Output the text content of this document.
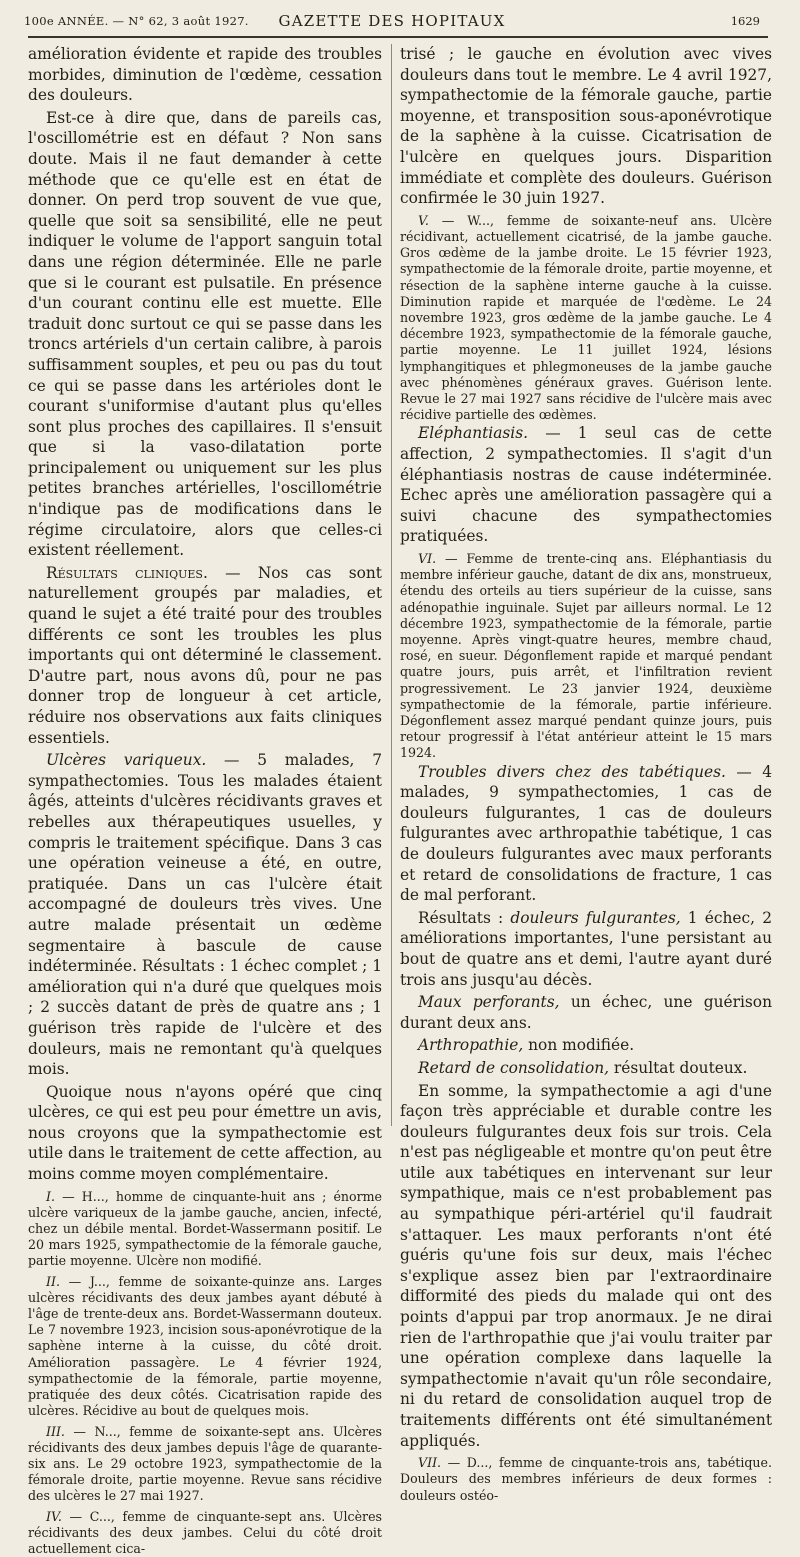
100e ANNÉE. — N° 62, 3 août 1927.	GAZETTE DES HOPITAUX	1629

amélioration évidente et rapide des troubles morbides, diminution de l'œdème, cessation des douleurs.

Est-ce à dire que, dans de pareils cas, l'oscillométrie est en défaut ? Non sans doute. Mais il ne faut demander à cette méthode que ce qu'elle est en état de donner. On perd trop souvent de vue que, quelle que soit sa sensibilité, elle ne peut indiquer le volume de l'apport sanguin total dans une région déterminée. Elle ne parle que si le courant est pulsatile. En présence d'un courant continu elle est muette. Elle traduit donc surtout ce qui se passe dans les troncs artériels d'un certain calibre, à parois suffisamment souples, et peu ou pas du tout ce qui se passe dans les artérioles dont le courant s'uniformise d'autant plus qu'elles sont plus proches des capillaires. Il s'ensuit que si la vaso-dilatation porte principalement ou uniquement sur les plus petites branches artérielles, l'oscillométrie n'indique pas de modifications dans le régime circulatoire, alors que celles-ci existent réellement.

Résultats cliniques. — Nos cas sont naturellement groupés par maladies, et quand le sujet a été traité pour des troubles différents ce sont les troubles les plus importants qui ont déterminé le classement. D'autre part, nous avons dû, pour ne pas donner trop de longueur à cet article, réduire nos observations aux faits cliniques essentiels.

Ulcères variqueux. — 5 malades, 7 sympathectomies. Tous les malades étaient âgés, atteints d'ulcères récidivants graves et rebelles aux thérapeutiques usuelles, y compris le traitement spécifique. Dans 3 cas une opération veineuse a été, en outre, pratiquée. Dans un cas l'ulcère était accompagné de douleurs très vives. Une autre malade présentait un œdème segmentaire à bascule de cause indéterminée. Résultats : 1 échec complet ; 1 amélioration qui n'a duré que quelques mois ; 2 succès datant de près de quatre ans ; 1 guérison très rapide de l'ulcère et des douleurs, mais ne remontant qu'à quelques mois.

Quoique nous n'ayons opéré que cinq ulcères, ce qui est peu pour émettre un avis, nous croyons que la sympathectomie est utile dans le traitement de cette affection, au moins comme moyen complémentaire.

I. — H..., homme de cinquante-huit ans ; énorme ulcère variqueux de la jambe gauche, ancien, infecté, chez un débile mental. Bordet-Wassermann positif. Le 20 mars 1925, sympathectomie de la fémorale gauche, partie moyenne. Ulcère non modifié.

II. — J..., femme de soixante-quinze ans. Larges ulcères récidivants des deux jambes ayant débuté à l'âge de trente-deux ans. Bordet-Wassermann douteux. Le 7 novembre 1923, incision sous-aponévrotique de la saphène interne à la cuisse, du côté droit. Amélioration passagère. Le 4 février 1924, sympathectomie de la fémorale, partie moyenne, pratiquée des deux côtés. Cicatrisation rapide des ulcères. Récidive au bout de quelques mois.

III. — N..., femme de soixante-sept ans. Ulcères récidivants des deux jambes depuis l'âge de quarante-six ans. Le 29 octobre 1923, sympathectomie de la fémorale droite, partie moyenne. Revue sans récidive des ulcères le 27 mai 1927.

IV. — C..., femme de cinquante-sept ans. Ulcères récidivants des deux jambes. Celui du côté droit actuellement cica-

trisé ; le gauche en évolution avec vives douleurs dans tout le membre. Le 4 avril 1927, sympathectomie de la fémorale gauche, partie moyenne, et transposition sous-aponévrotique de la saphène à la cuisse. Cicatrisation de l'ulcère en quelques jours. Disparition immédiate et complète des douleurs. Guérison confirmée le 30 juin 1927.

V. — W..., femme de soixante-neuf ans. Ulcère récidivant, actuellement cicatrisé, de la jambe gauche. Gros œdème de la jambe droite. Le 15 février 1923, sympathectomie de la fémorale droite, partie moyenne, et résection de la saphène interne gauche à la cuisse. Diminution rapide et marquée de l'œdème. Le 24 novembre 1923, gros œdème de la jambe gauche. Le 4 décembre 1923, sympathectomie de la fémorale gauche, partie moyenne. Le 11 juillet 1924, lésions lymphangitiques et phlegmoneuses de la jambe gauche avec phénomènes généraux graves. Guérison lente. Revue le 27 mai 1927 sans récidive de l'ulcère mais avec récidive partielle des œdèmes.

Eléphantiasis. — 1 seul cas de cette affection, 2 sympathectomies. Il s'agit d'un éléphantiasis nostras de cause indéterminée. Echec après une amélioration passagère qui a suivi chacune des sympathectomies pratiquées.

VI. — Femme de trente-cinq ans. Eléphantiasis du membre inférieur gauche, datant de dix ans, monstrueux, étendu des orteils au tiers supérieur de la cuisse, sans adénopathie inguinale. Sujet par ailleurs normal. Le 12 décembre 1923, sympathectomie de la fémorale, partie moyenne. Après vingt-quatre heures, membre chaud, rosé, en sueur. Dégonflement rapide et marqué pendant quatre jours, puis arrêt, et l'infiltration revient progressivement. Le 23 janvier 1924, deuxième sympathectomie de la fémorale, partie inférieure. Dégonflement assez marqué pendant quinze jours, puis retour progressif à l'état antérieur atteint le 15 mars 1924.

Troubles divers chez des tabétiques. — 4 malades, 9 sympathectomies, 1 cas de douleurs fulgurantes, 1 cas de douleurs fulgurantes avec arthropathie tabétique, 1 cas de douleurs fulgurantes avec maux perforants et retard de consolidations de fracture, 1 cas de mal perforant.

Résultats : douleurs fulgurantes, 1 échec, 2 améliorations importantes, l'une persistant au bout de quatre ans et demi, l'autre ayant duré trois ans jusqu'au décès.

Maux perforants, un échec, une guérison durant deux ans.

Arthropathie, non modifiée.

Retard de consolidation, résultat douteux.

En somme, la sympathectomie a agi d'une façon très appréciable et durable contre les douleurs fulgurantes deux fois sur trois. Cela n'est pas négligeable et montre qu'on peut être utile aux tabétiques en intervenant sur leur sympathique, mais ce n'est probablement pas au sympathique péri-artériel qu'il faudrait s'attaquer. Les maux perforants n'ont été guéris qu'une fois sur deux, mais l'échec s'explique assez bien par l'extraordinaire difformité des pieds du malade qui ont des points d'appui par trop anormaux. Je ne dirai rien de l'arthropathie que j'ai voulu traiter par une opération complexe dans laquelle la sympathectomie n'avait qu'un rôle secondaire, ni du retard de consolidation auquel trop de traitements différents ont été simultanément appliqués.

VII. — D..., femme de cinquante-trois ans, tabétique. Douleurs des membres inférieurs de deux formes : douleurs ostéo-
